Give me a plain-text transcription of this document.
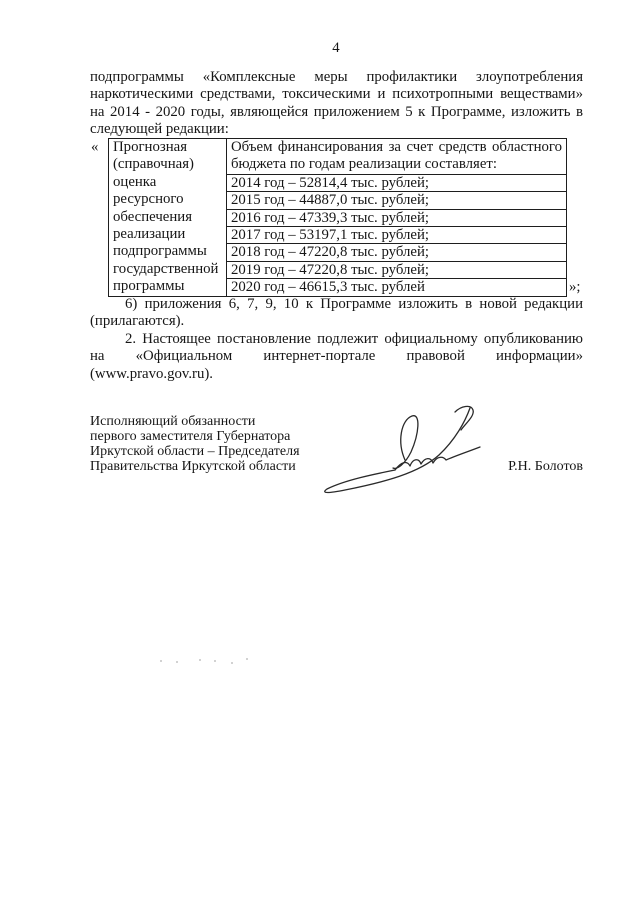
4
подпрограммы «Комплексные меры профилактики злоупотребления
наркотическими средствами, токсическими и психотропными веществами»
на 2014 - 2020 годы, являющейся приложением 5 к Программе, изложить в
следующей редакции:
« Прогнозная
(справочная)
оценка
ресурсного
обеспечения
реализации
подпрограммы
государственной
программы
Объем финансирования за счет средств областного
бюджета по годам реализации составляет:
2014 год – 52814,4 тыс. рублей;
2015 год – 44887,0 тыс. рублей;
2016 год – 47339,3 тыс. рублей;
2017 год – 53197,1 тыс. рублей;
2018 год – 47220,8 тыс. рублей;
2019 год – 47220,8 тыс. рублей;
2020 год – 46615,3 тыс. рублей	»;
6) приложения 6, 7, 9, 10 к Программе изложить в новой редакции
(прилагаются).
2. Настоящее постановление подлежит официальному опубликованию
на «Официальном интернет-портале правовой информации»
(www.pravo.gov.ru).
Исполняющий обязанности
первого заместителя Губернатора
Иркутской области – Председателя
Правительства Иркутской области	Р.Н. Болотов
